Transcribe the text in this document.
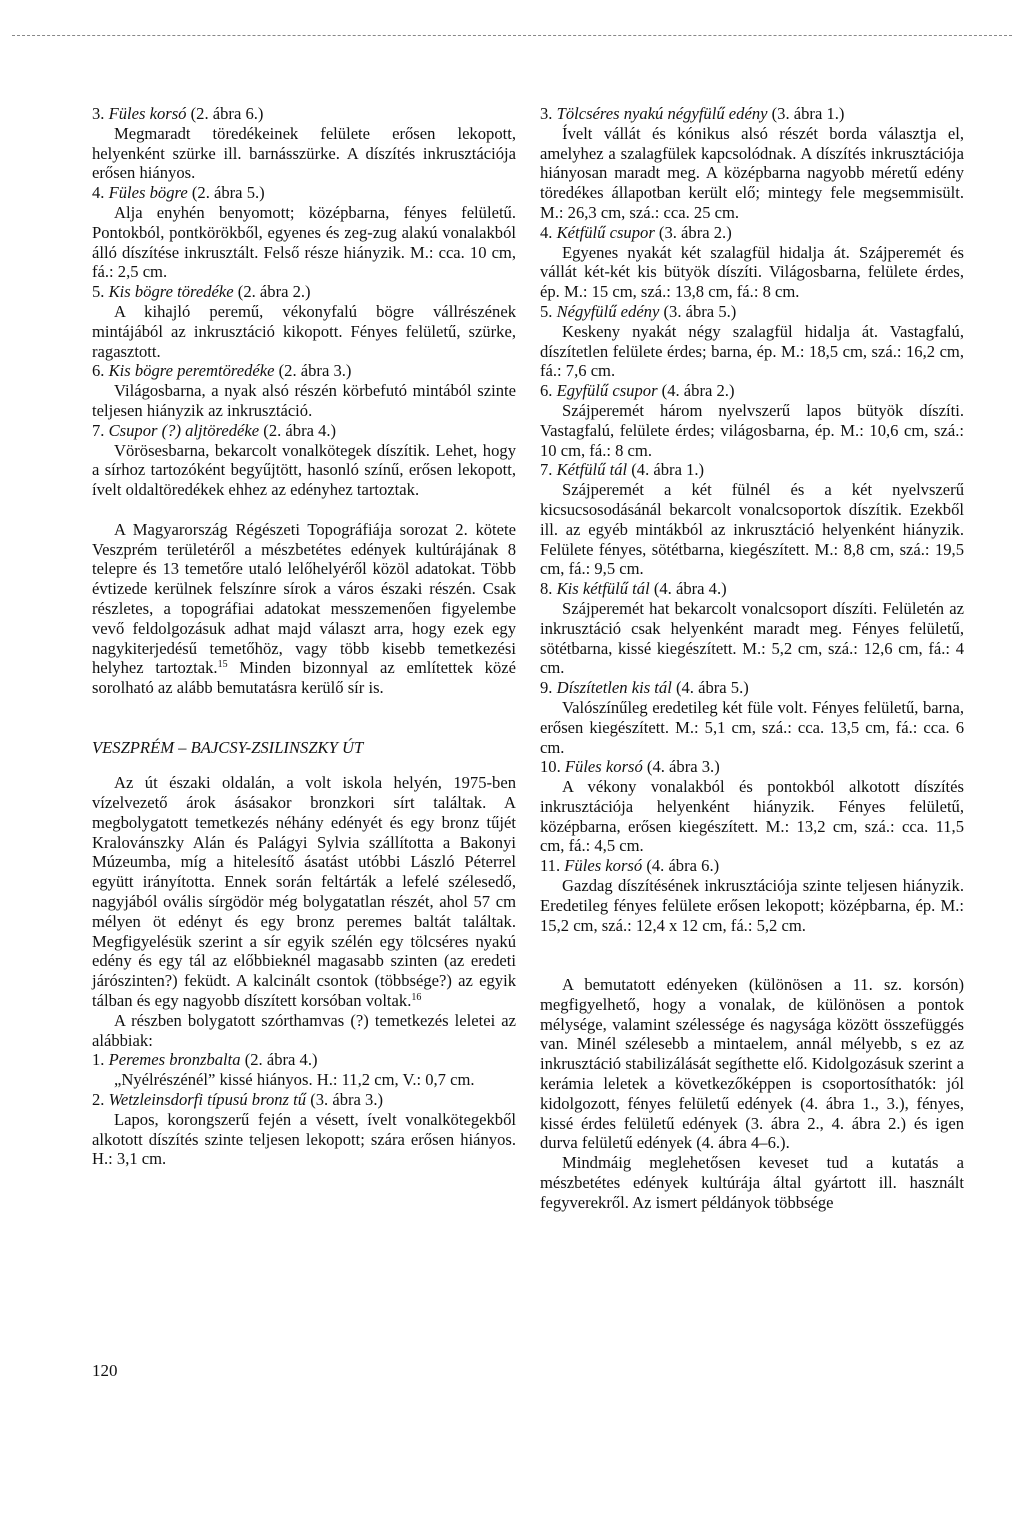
3. Füles korsó (2. ábra 6.)

Megmaradt töredékeinek felülete erősen lekopott, helyenként szürke ill. barnásszürke. A díszítés inkrusztációja erősen hiányos.

4. Füles bögre (2. ábra 5.)

Alja enyhén benyomott; középbarna, fényes felületű. Pontokból, pontkörökből, egyenes és zeg-zug alakú vonalakból álló díszítése inkrusztált. Felső része hiányzik. M.: cca. 10 cm, fá.: 2,5 cm.

5. Kis bögre töredéke (2. ábra 2.)

A kihajló peremű, vékonyfalú bögre vállrészének mintájából az inkrusztáció kikopott. Fényes felületű, szürke, ragasztott.

6. Kis bögre peremtöredéke (2. ábra 3.)

Világosbarna, a nyak alsó részén körbefutó mintából szinte teljesen hiányzik az inkrusztáció.

7. Csupor (?) aljtöredéke (2. ábra 4.)

Vörösesbarna, bekarcolt vonalkötegek díszítik. Lehet, hogy a sírhoz tartozóként begyűjtött, hasonló színű, erősen lekopott, ívelt oldaltöredékek ehhez az edényhez tartoztak.

A Magyarország Régészeti Topográfiája sorozat 2. kötete Veszprém területéről a mészbetétes edények kultúrájának 8 telepre és 13 temetőre utaló lelőhelyéről közöl adatokat. Több évtizede kerülnek felszínre sírok a város északi részén. Csak részletes, a topográfiai adatokat messzemenően figyelembe vevő feldolgozásuk adhat majd választ arra, hogy ezek egy nagykiterjedésű temetőhöz, vagy több kisebb temetkezési helyhez tartoztak.$^{15}$ Minden bizonnyal az említettek közé sorolható az alább bemutatásra kerülő sír is.

VESZPRÉM – BAJCSY-ZSILINSZKY ÚT

Az út északi oldalán, a volt iskola helyén, 1975-ben vízelvezető árok ásásakor bronzkori sírt találtak. A megbolygatott temetkezés néhány edényét és egy bronz tűjét Kralovánszky Alán és Palágyi Sylvia szállította a Bakonyi Múzeumba, míg a hitelesítő ásatást utóbbi László Péterrel együtt irányította. Ennek során feltárták a lefelé szélesedő, nagyjából ovális sírgödör még bolygatatlan részét, ahol 57 cm mélyen öt edényt és egy bronz peremes baltát találtak. Megfigyelésük szerint a sír egyik szélén egy tölcséres nyakú edény és egy tál az előbbieknél magasabb szinten (az eredeti járószinten?) feküdt. A kalcinált csontok (többsége?) az egyik tálban és egy nagyobb díszített korsóban voltak.$^{16}$

A részben bolygatott szórthamvas (?) temetkezés leletei az alábbiak:

1. Peremes bronzbalta (2. ábra 4.)

„Nyélrészénél” kissé hiányos. H.: 11,2 cm, V.: 0,7 cm.

2. Wetzleinsdorfi típusú bronz tű (3. ábra 3.)

Lapos, korongszerű fején a vésett, ívelt vonalkötegekből alkotott díszítés szinte teljesen lekopott; szára erősen hiányos. H.: 3,1 cm.

3. Tölcséres nyakú négyfülű edény (3. ábra 1.)

Ívelt vállát és kónikus alsó részét borda választja el, amelyhez a szalagfülek kapcsolódnak. A díszítés inkrusztációja hiányosan maradt meg. A középbarna nagyobb méretű edény töredékes állapotban került elő; mintegy fele megsemmisült. M.: 26,3 cm, szá.: cca. 25 cm.

4. Kétfülű csupor (3. ábra 2.)

Egyenes nyakát két szalagfül hidalja át. Szájperemét és vállát két-két kis bütyök díszíti. Világosbarna, felülete érdes, ép. M.: 15 cm, szá.: 13,8 cm, fá.: 8 cm.

5. Négyfülű edény (3. ábra 5.)

Keskeny nyakát négy szalagfül hidalja át. Vastagfalú, díszítetlen felülete érdes; barna, ép. M.: 18,5 cm, szá.: 16,2 cm, fá.: 7,6 cm.

6. Egyfülű csupor (4. ábra 2.)

Szájperemét három nyelvszerű lapos bütyök díszíti. Vastagfalú, felülete érdes; világosbarna, ép. M.: 10,6 cm, szá.: 10 cm, fá.: 8 cm.

7. Kétfülű tál (4. ábra 1.)

Szájperemét a két fülnél és a két nyelvszerű kicsucsosodásánál bekarcolt vonalcsoportok díszítik. Ezekből ill. az egyéb mintákból az inkrusztáció helyenként hiányzik. Felülete fényes, sötétbarna, kiegészített. M.: 8,8 cm, szá.: 19,5 cm, fá.: 9,5 cm.

8. Kis kétfülű tál (4. ábra 4.)

Szájperemét hat bekarcolt vonalcsoport díszíti. Felületén az inkrusztáció csak helyenként maradt meg. Fényes felületű, sötétbarna, kissé kiegészített. M.: 5,2 cm, szá.: 12,6 cm, fá.: 4 cm.

9. Díszítetlen kis tál (4. ábra 5.)

Valószínűleg eredetileg két füle volt. Fényes felületű, barna, erősen kiegészített. M.: 5,1 cm, szá.: cca. 13,5 cm, fá.: cca. 6 cm.

10. Füles korsó (4. ábra 3.)

A vékony vonalakból és pontokból alkotott díszítés inkrusztációja helyenként hiányzik. Fényes felületű, középbarna, erősen kiegészített. M.: 13,2 cm, szá.: cca. 11,5 cm, fá.: 4,5 cm.

11. Füles korsó (4. ábra 6.)

Gazdag díszítésének inkrusztációja szinte teljesen hiányzik. Eredetileg fényes felülete erősen lekopott; középbarna, ép. M.: 15,2 cm, szá.: 12,4 x 12 cm, fá.: 5,2 cm.

A bemutatott edényeken (különösen a 11. sz. korsón) megfigyelhető, hogy a vonalak, de különösen a pontok mélysége, valamint szélessége és nagysága között összefüggés van. Minél szélesebb a mintaelem, annál mélyebb, s ez az inkrusztáció stabilizálását segíthette elő. Kidolgozásuk szerint a kerámia leletek a következőképpen is csoportosíthatók: jól kidolgozott, fényes felületű edények (4. ábra 1., 3.), fényes, kissé érdes felületű edények (3. ábra 2., 4. ábra 2.) és igen durva felületű edények (4. ábra 4–6.).

Mindmáig meglehetősen keveset tud a kutatás a mészbetétes edények kultúrája által gyártott ill. használt fegyverekről. Az ismert példányok többsége

120
